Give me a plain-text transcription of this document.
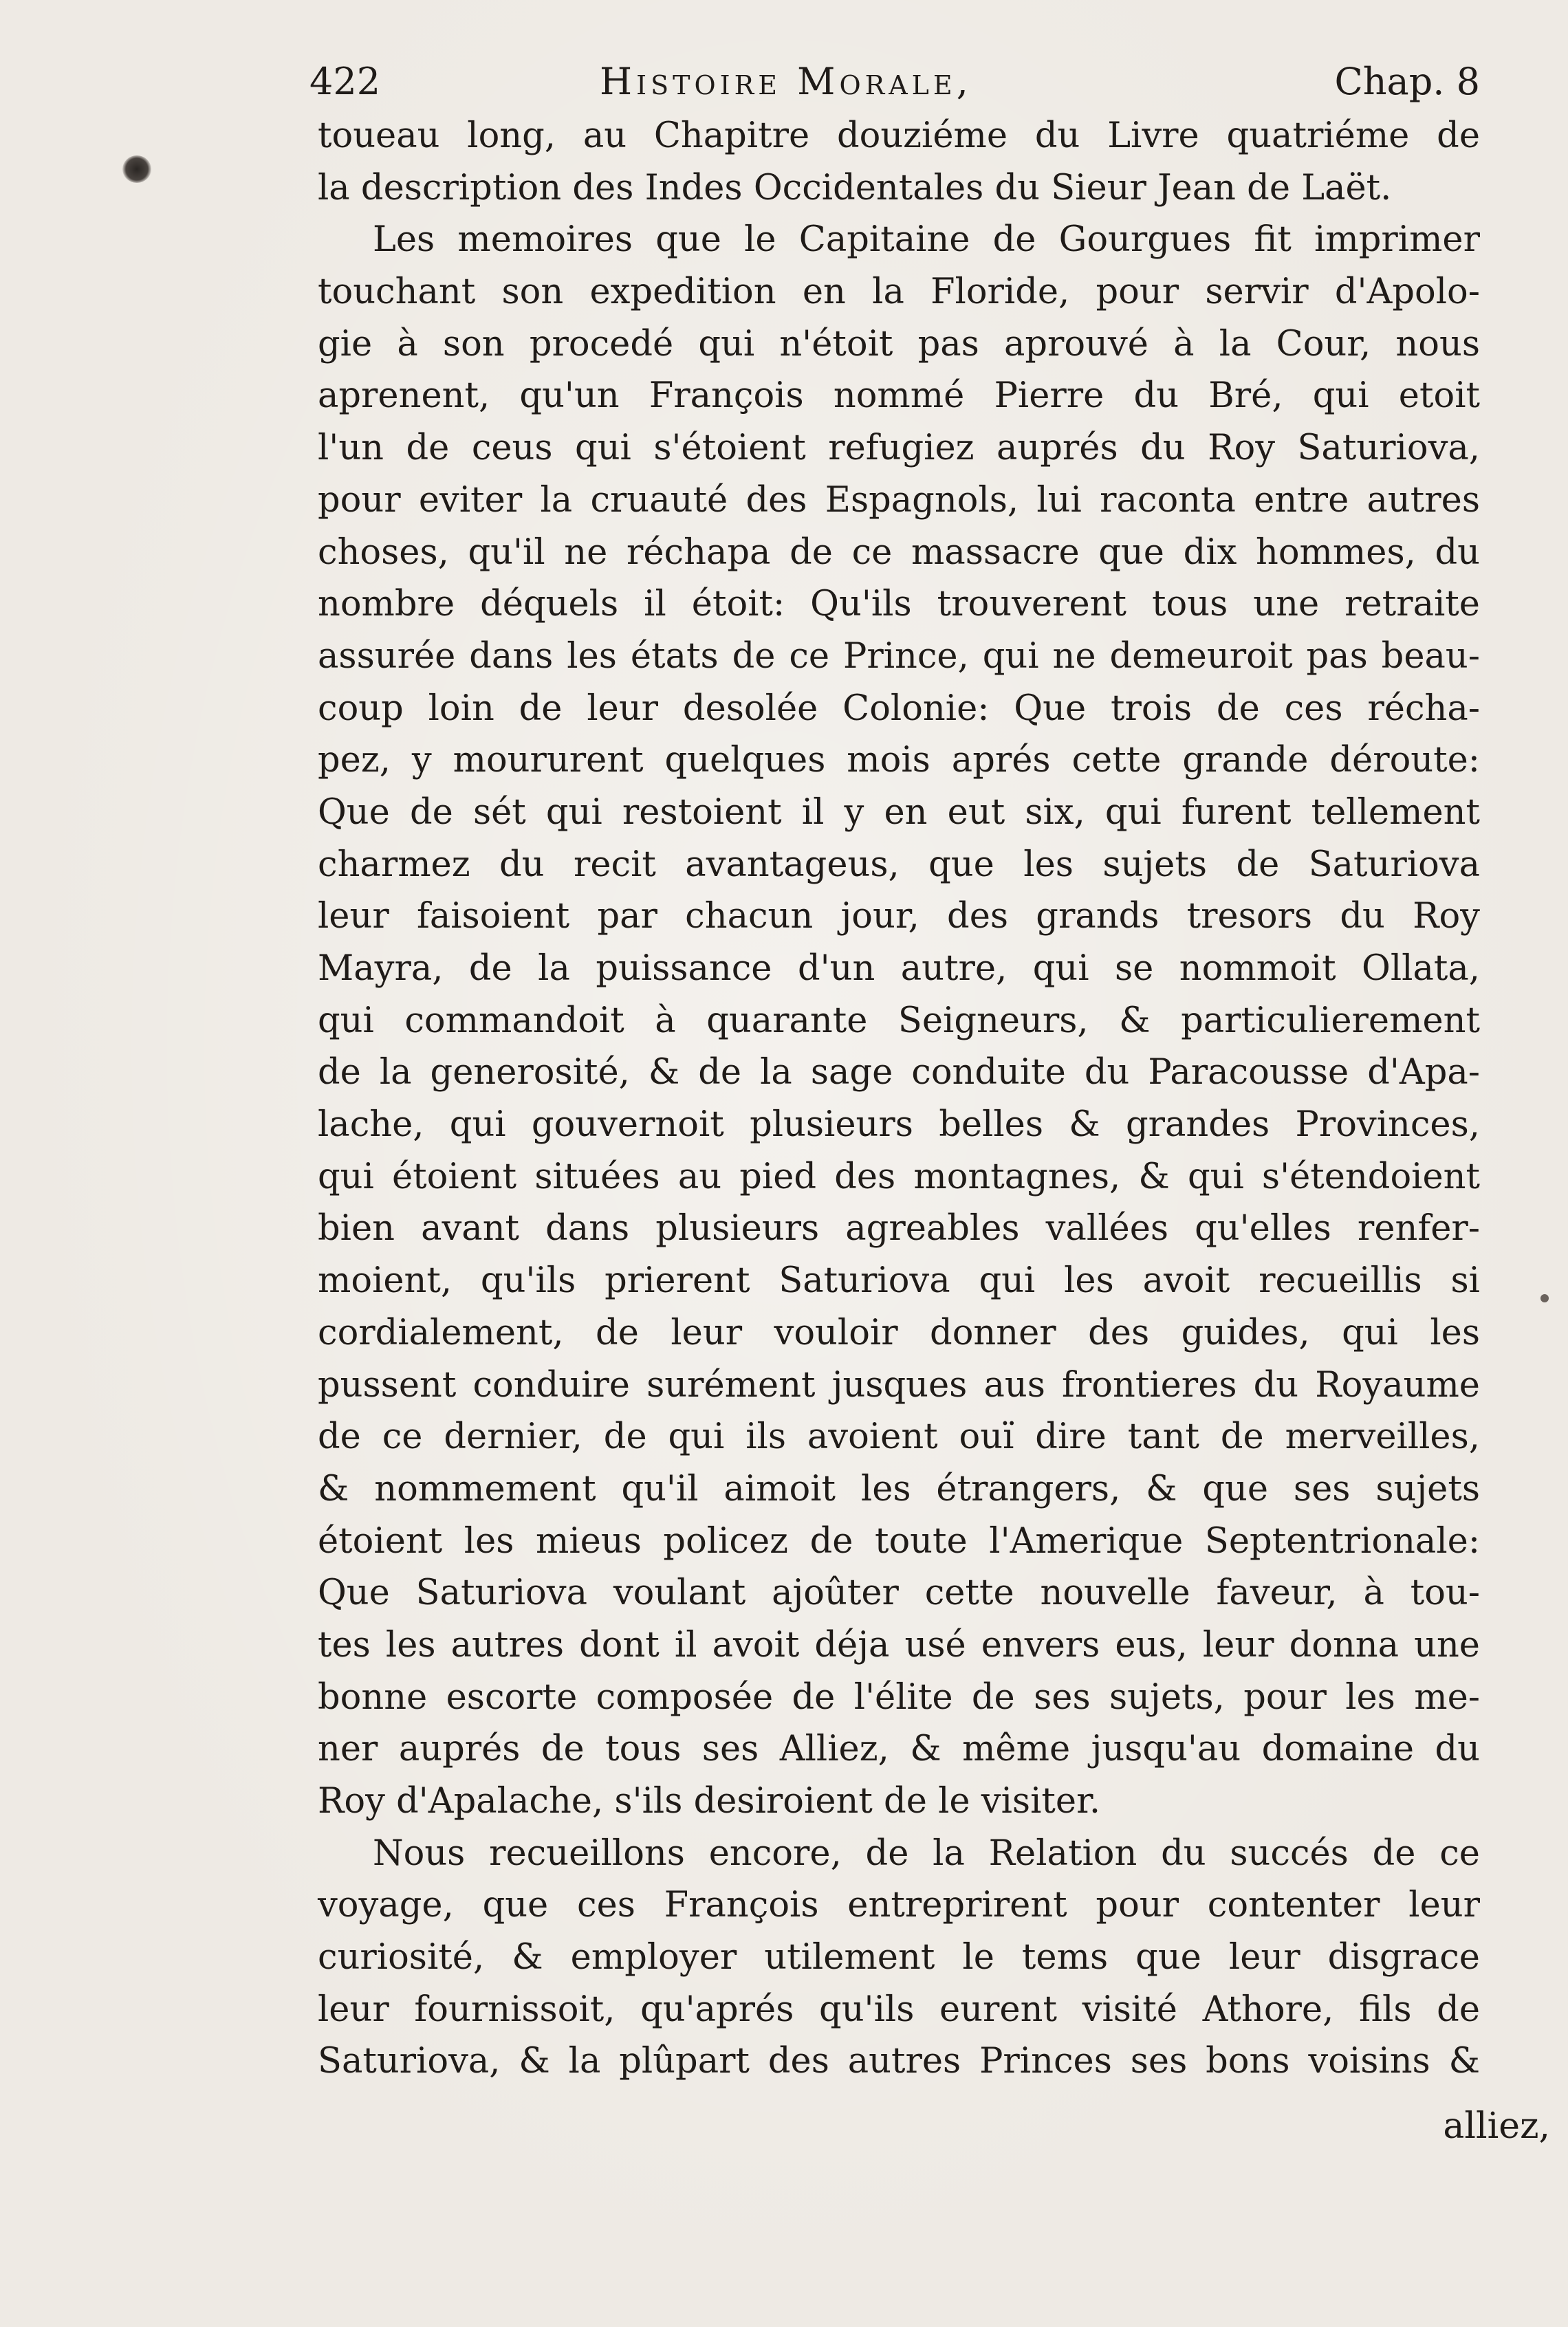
422	Histoire Morale,	Chap. 8
toueau long, au Chapitre douziéme du Livre quatriéme de
la description des Indes Occidentales du Sieur Jean de Laët.
Les memoires que le Capitaine de Gourgues fit imprimer
touchant son expedition en la Floride, pour servir d'Apolo-
gie à son procedé qui n'étoit pas aprouvé à la Cour, nous
aprenent, qu'un François nommé Pierre du Bré, qui etoit
l'un de ceus qui s'étoient refugiez auprés du Roy Saturiova,
pour eviter la cruauté des Espagnols, lui raconta entre autres
choses, qu'il ne réchapa de ce massacre que dix hommes, du
nombre déquels il étoit: Qu'ils trouverent tous une retraite
assurée dans les états de ce Prince, qui ne demeuroit pas beau-
coup loin de leur desolée Colonie: Que trois de ces récha-
pez, y moururent quelques mois aprés cette grande déroute:
Que de sét qui restoient il y en eut six, qui furent tellement
charmez du recit avantageus, que les sujets de Saturiova
leur faisoient par chacun jour, des grands tresors du Roy
Mayra, de la puissance d'un autre, qui se nommoit Ollata,
qui commandoit à quarante Seigneurs, & particulierement
de la generosité, & de la sage conduite du Paracousse d'Apa-
lache, qui gouvernoit plusieurs belles & grandes Provinces,
qui étoient situées au pied des montagnes, & qui s'étendoient
bien avant dans plusieurs agreables vallées qu'elles renfer-
moient, qu'ils prierent Saturiova qui les avoit recueillis si
cordialement, de leur vouloir donner des guides, qui les
pussent conduire surément jusques aus frontieres du Royaume
de ce dernier, de qui ils avoient ouï dire tant de merveilles,
& nommement qu'il aimoit les étrangers, & que ses sujets
étoient les mieus policez de toute l'Amerique Septentrionale:
Que Saturiova voulant ajoûter cette nouvelle faveur, à tou-
tes les autres dont il avoit déja usé envers eus, leur donna une
bonne escorte composée de l'élite de ses sujets, pour les me-
ner auprés de tous ses Alliez, & même jusqu'au domaine du
Roy d'Apalache, s'ils desiroient de le visiter.
Nous recueillons encore, de la Relation du succés de ce
voyage, que ces François entreprirent pour contenter leur
curiosité, & employer utilement le tems que leur disgrace
leur fournissoit, qu'aprés qu'ils eurent visité Athore, fils de
Saturiova, & la plûpart des autres Princes ses bons voisins &
alliez,
